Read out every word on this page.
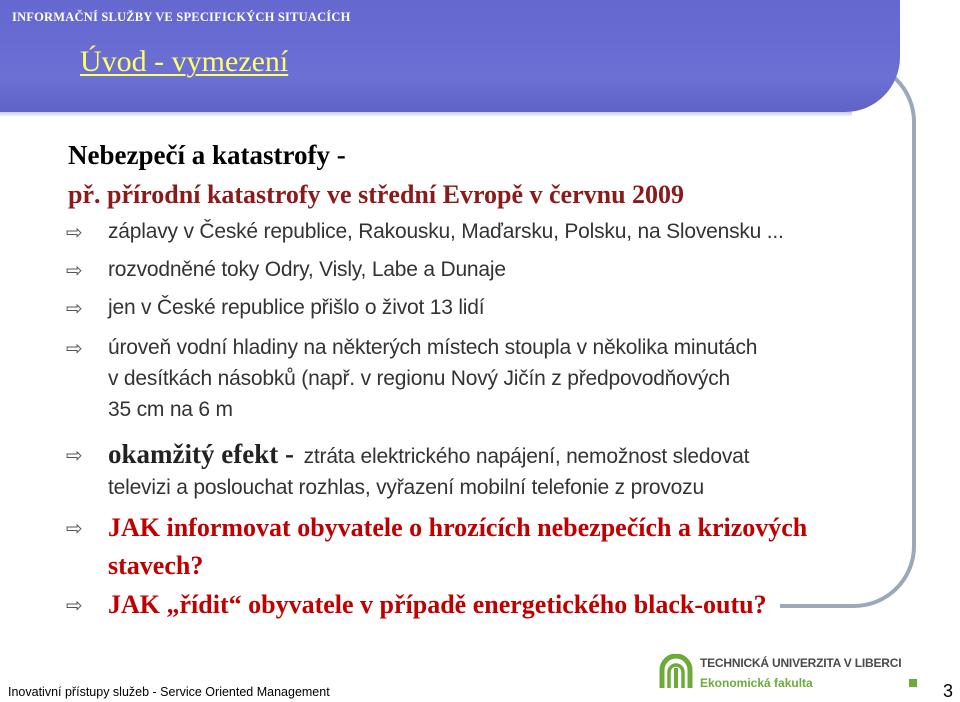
INFORMAČNÍ SLUŽBY VE SPECIFICKÝCH SITUACÍCH
Úvod - vymezení
Nebezpečí a katastrofy -
př. přírodní katastrofy ve střední Evropě v červnu 2009
⇨	záplavy v České republice, Rakousku, Maďarsku, Polsku, na Slovensku ...
⇨	rozvodněné toky Odry, Visly, Labe a Dunaje
⇨	jen v České republice přišlo o život 13 lidí
⇨	úroveň vodní hladiny na některých místech stoupla v několika minutách
v desítkách násobků (např. v regionu Nový Jičín z předpovodňových
35 cm na 6 m
⇨ okamžitý efekt - ztráta elektrického napájení, nemožnost sledovat
televizi a poslouchat rozhlas, vyřazení mobilní telefonie z provozu
⇨ JAK informovat obyvatele o hrozících nebezpečích a krizových
stavech?
⇨ JAK „řídit“ obyvatele v případě energetického black-outu?
Inovativní přístupy služeb - Service Oriented Management
TECHNICKÁ UNIVERZITA V LIBERCI
Ekonomická fakulta	3
